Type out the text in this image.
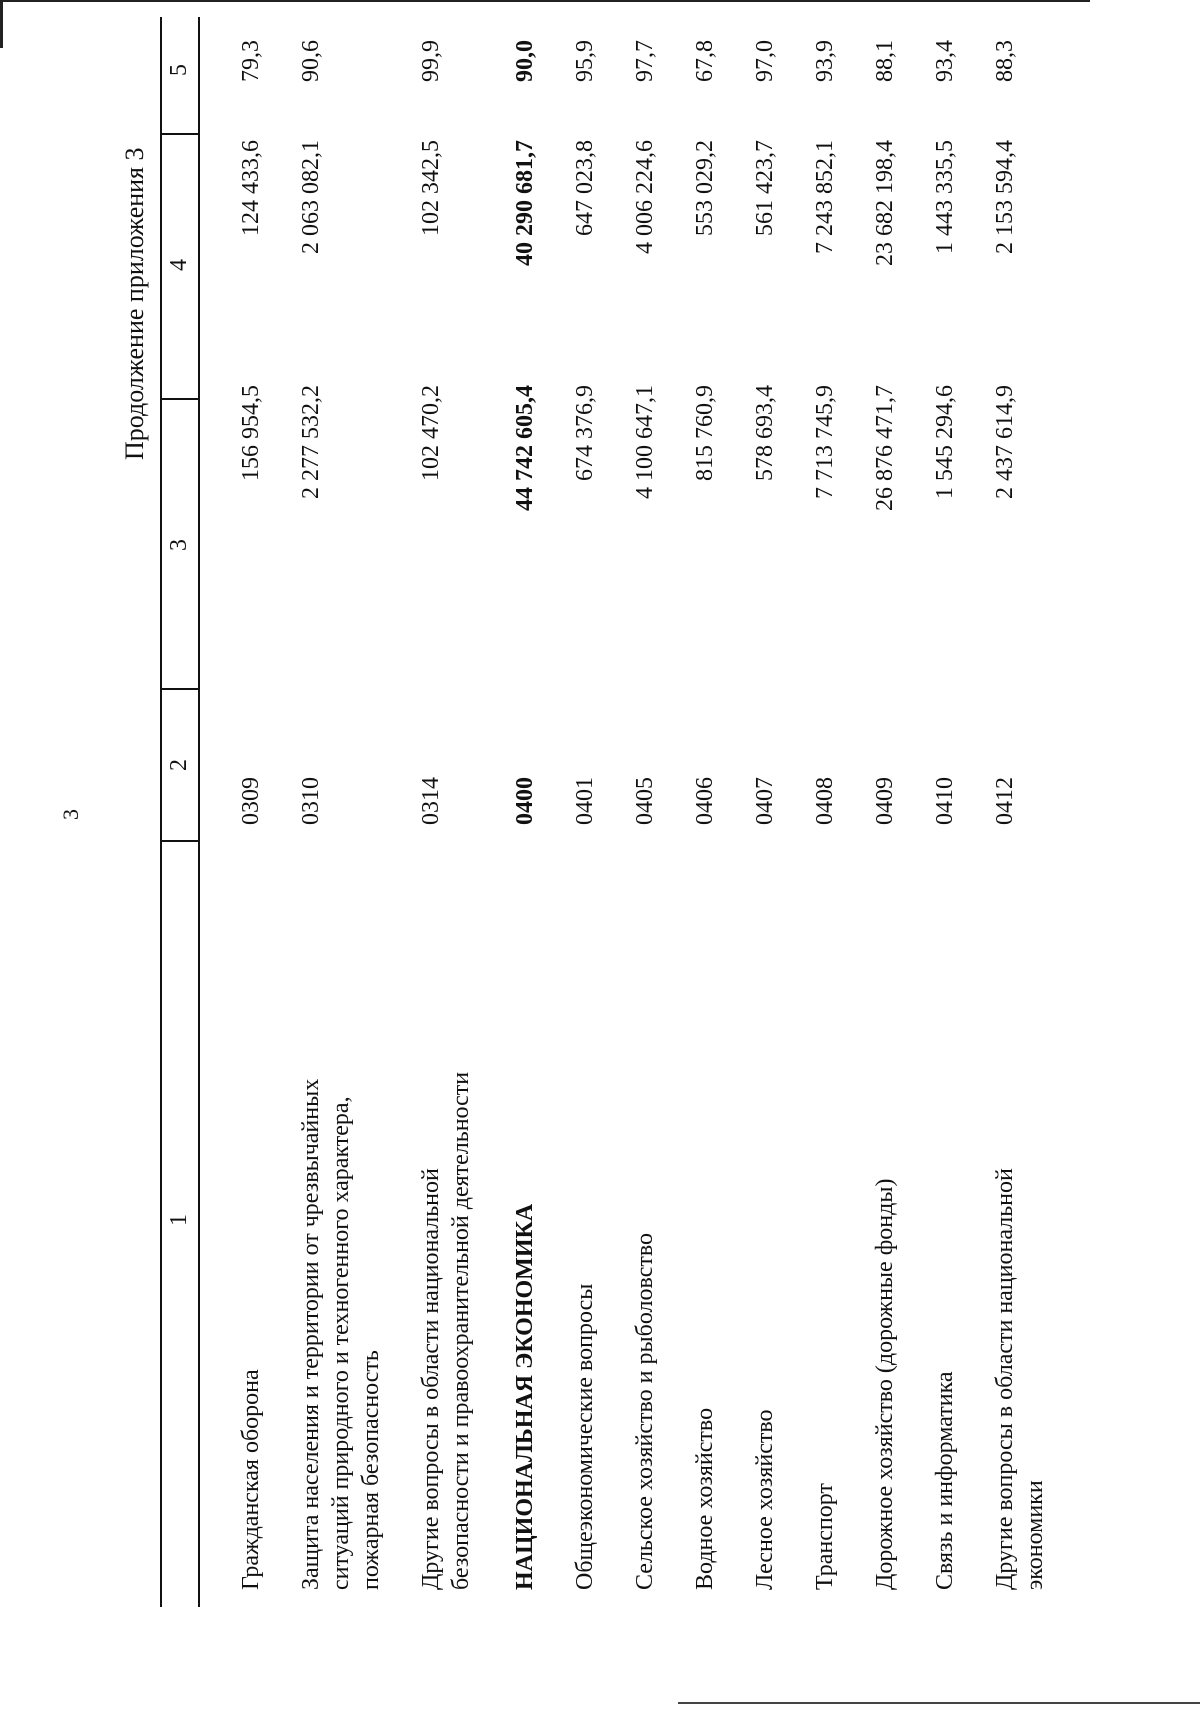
3
Продолжение приложения 3
1
2
3
4
5
Гражданская оборона
0309
156 954,5
124 433,6
79,3
Защита населения и территории от чрезвычайных ситуаций природного и техногенного характера, пожарная безопасность
0310
2 277 532,2
2 063 082,1
90,6
Другие вопросы в области национальной безопасности и правоохранительной деятельности
0314
102 470,2
102 342,5
99,9
НАЦИОНАЛЬНАЯ ЭКОНОМИКА
0400
44 742 605,4
40 290 681,7
90,0
Общеэкономические вопросы
0401
674 376,9
647 023,8
95,9
Сельское хозяйство и рыболовство
0405
4 100 647,1
4 006 224,6
97,7
Водное хозяйство
0406
815 760,9
553 029,2
67,8
Лесное хозяйство
0407
578 693,4
561 423,7
97,0
Транспорт
0408
7 713 745,9
7 243 852,1
93,9
Дорожное хозяйство (дорожные фонды)
0409
26 876 471,7
23 682 198,4
88,1
Связь и информатика
0410
1 545 294,6
1 443 335,5
93,4
Другие вопросы в области национальной экономики
0412
2 437 614,9
2 153 594,4
88,3
